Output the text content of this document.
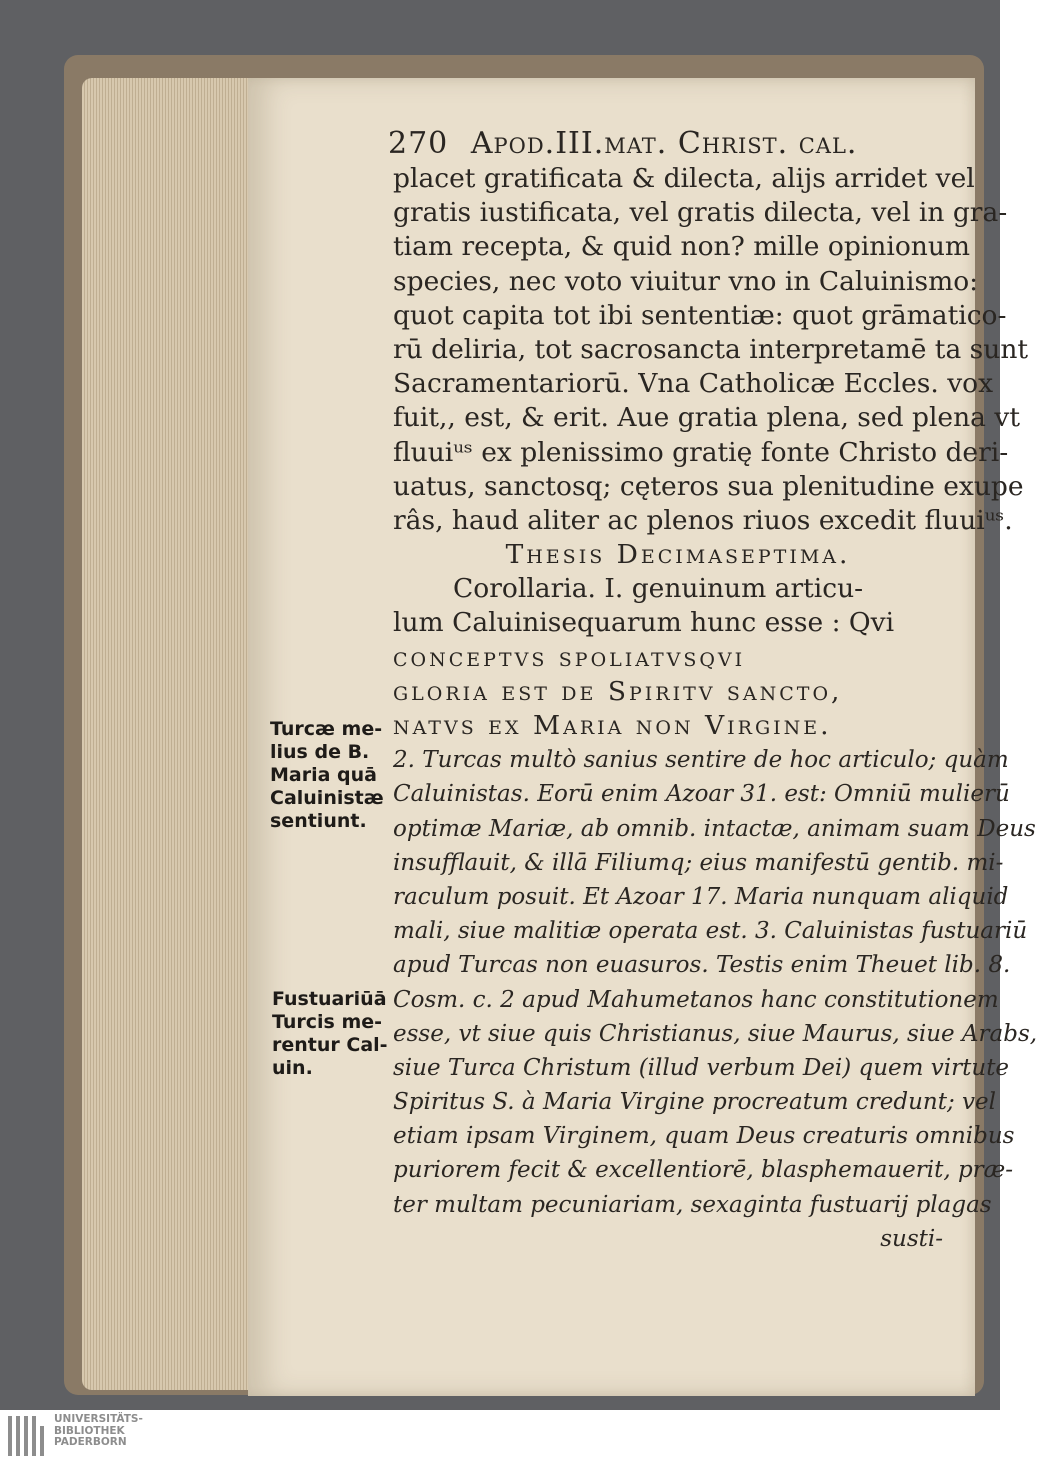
270 Apod.III.mat. Christ. cal.
placet gratificata & dilecta, alijs arridet vel
gratis iustificata, vel gratis dilecta, vel in gra-
tiam recepta, & quid non? mille opinionum
species, nec voto viuitur vno in Caluinismo:
quot capita tot ibi sententiæ: quot grāmatico-
rū deliria, tot sacrosancta interpretamē ta sunt
Sacramentariorū. Vna Catholicæ Eccles. vox
fuit,, est, & erit. Aue gratia plena, sed plena vt
fluuiᵘˢ ex plenissimo gratię fonte Christo deri-
uatus, sanctosq; cęteros sua plenitudine exupe
râs, haud aliter ac plenos riuos excedit fluuiᵘˢ.
Thesis Decimaseptima.
Corollaria. I. genuinum articu-
lum Caluinisequarum hunc esse : Qvi
conceptvs spoliatvsqvi
gloria est de Spiritv sancto,
natvs ex Maria non Virgine.
2. Turcas multò sanius sentire de hoc articulo; quàm
Caluinistas. Eorū enim Azoar 31. est: Omniū mulierū
optimæ Mariæ, ab omnib. intactæ, animam suam Deus
insufflauit, & illā Filiumq; eius manifestū gentib. mi-
raculum posuit. Et Azoar 17. Maria nunquam aliquid
mali, siue malitiæ operata est. 3. Caluinistas fustuariū
apud Turcas non euasuros. Testis enim Theuet lib. 8.
Cosm. c. 2 apud Mahumetanos hanc constitutionem
esse, vt siue quis Christianus, siue Maurus, siue Arabs,
siue Turca Christum (illud verbum Dei) quem virtute
Spiritus S. à Maria Virgine procreatum credunt; vel
etiam ipsam Virginem, quam Deus creaturis omnibus
puriorem fecit & excellentiorē, blasphemauerit, præ-
ter multam pecuniariam, sexaginta fustuarij plagas
susti-
Turcæ me-
lius de B.
Maria quā
Caluinistæ
sentiunt.
Fustuariūā
Turcis me-
rentur Cal-
uin.
UNIVERSITÄTS-
BIBLIOTHEK
PADERBORN
